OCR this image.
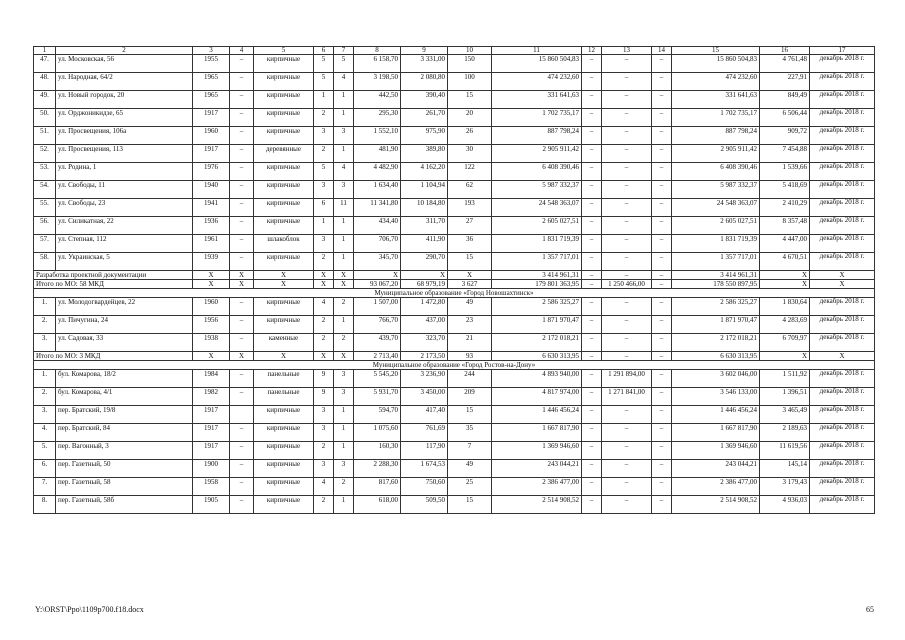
1	2	3	4	5	6	7	8	9	10	11	12	13	14	15	16	17
47.	ул. Московская, 56	1955	–	кирпичные	5	5	6 158,70	3 331,00	150	15 860 504,83	–	–	–	15 860 504,83	4 761,48	декабрь 2018 г.
48.	ул. Народная, 64/2	1965	–	кирпичные	5	4	3 198,50	2 080,80	100	474 232,60	–	–	–	474 232,60	227,91	декабрь 2018 г.
49.	ул. Новый городок, 20	1965	–	кирпичные	1	1	442,50	390,40	15	331 641,63	–	–	–	331 641,63	849,49	декабрь 2018 г.
50.	ул. Орджоникидзе, 65	1917	–	кирпичные	2	1	295,30	261,70	20	1 702 735,17	–	–	–	1 702 735,17	6 506,44	декабрь 2018 г.
51.	ул. Просвещения, 106а	1960	–	кирпичные	3	3	1 552,10	975,90	26	887 798,24	–	–	–	887 798,24	909,72	декабрь 2018 г.
52.	ул. Просвещения, 113	1917	–	деревянные	2	1	481,90	389,80	30	2 905 911,42	–	–	–	2 905 911,42	7 454,88	декабрь 2018 г.
53.	ул. Родина, 1	1976	–	кирпичные	5	4	4 482,90	4 162,20	122	6 408 390,46	–	–	–	6 408 390,46	1 539,66	декабрь 2018 г.
54.	ул. Свободы, 11	1940	–	кирпичные	3	3	1 634,40	1 104,94	62	5 987 332,37	–	–	–	5 987 332,37	5 418,69	декабрь 2018 г.
55.	ул. Свободы, 23	1941	–	кирпичные	6	11	11 341,80	10 184,80	193	24 548 363,07	–	–	–	24 548 363,07	2 410,29	декабрь 2018 г.
56.	ул. Силикатная, 22	1936	–	кирпичные	1	1	434,40	311,70	27	2 605 027,51	–	–	–	2 605 027,51	8 357,48	декабрь 2018 г.
57.	ул. Степная, 112	1961	–	шлакоблок	3	1	706,70	411,90	36	1 831 719,39	–	–	–	1 831 719,39	4 447,00	декабрь 2018 г.
58.	ул. Украинская, 5	1939	–	кирпичные	2	1	345,70	290,70	15	1 357 717,01	–	–	–	1 357 717,01	4 670,51	декабрь 2018 г.
Разработка проектной документации		Х	Х	Х	Х	Х	Х	Х	Х	3 414 961,31	–	–	–	3 414 961,31	Х	Х
Итого по МО: 58 МКД		Х	Х	Х	Х	Х	93 067,20	68 979,19	3 627	179 801 363,95	–	1 250 466,00	–	178 550 897,95	Х	Х
Муниципальное образование «Город Новошахтинск»																
1.	ул. Молодогвардейцев, 22	1960	–	кирпичные	4	2	1 507,00	1 472,80	49	2 586 325,27	–	–	–	2 586 325,27	1 830,64	декабрь 2018 г.
2.	ул. Пичугина, 24	1956	–	кирпичные	2	1	766,70	437,00	23	1 871 970,47	–	–	–	1 871 970,47	4 283,69	декабрь 2018 г.
3.	ул. Садовая, 33	1938	–	каменные	2	2	439,70	323,70	21	2 172 018,21	–	–	–	2 172 018,21	6 709,97	декабрь 2018 г.
Итого по МО: 3 МКД		Х	Х	Х	Х	Х	2 713,40	2 173,50	93	6 630 313,95	–	–	–	6 630 313,95	Х	Х
Муниципальное образование «Город Ростов-на-Дону»																
1.	бул. Комарова, 18/2	1984	–	панельные	9	3	5 545,20	3 236,90	244	4 893 940,00	–	1 291 894,00	–	3 602 046,00	1 511,92	декабрь 2018 г.
2.	бул. Комарова, 4/1	1982	–	панельные	9	3	5 931,70	3 450,00	209	4 817 974,00	–	1 271 841,00	–	3 546 133,00	1 396,51	декабрь 2018 г.
3.	пер. Братский, 19/8	1917		кирпичные	3	1	594,70	417,40	15	1 446 456,24	–	–	–	1 446 456,24	3 465,49	декабрь 2018 г.
4.	пер. Братский, 84	1917	–	кирпичные	3	1	1 075,60	761,69	35	1 667 817,90	–	–	–	1 667 817,90	2 189,63	декабрь 2018 г.
5.	пер. Вагонный, 3	1917	–	кирпичные	2	1	160,30	117,90	7	1 369 946,60	–	–	–	1 369 946,60	11 619,56	декабрь 2018 г.
6.	пер. Газетный, 50	1900	–	кирпичные	3	3	2 288,30	1 674,53	49	243 044,21	–	–	–	243 044,21	145,14	декабрь 2018 г.
7.	пер. Газетный, 58	1958	–	кирпичные	4	2	817,60	750,60	25	2 386 477,00	–	–	–	2 386 477,00	3 179,43	декабрь 2018 г.
8.	пер. Газетный, 58б	1905	–	кирпичные	2	1	618,00	509,50	15	2 514 908,52	–	–	–	2 514 908,52	4 936,03	декабрь 2018 г.
Y:\ORST\Ppo\1109p700.f18.docx	65
